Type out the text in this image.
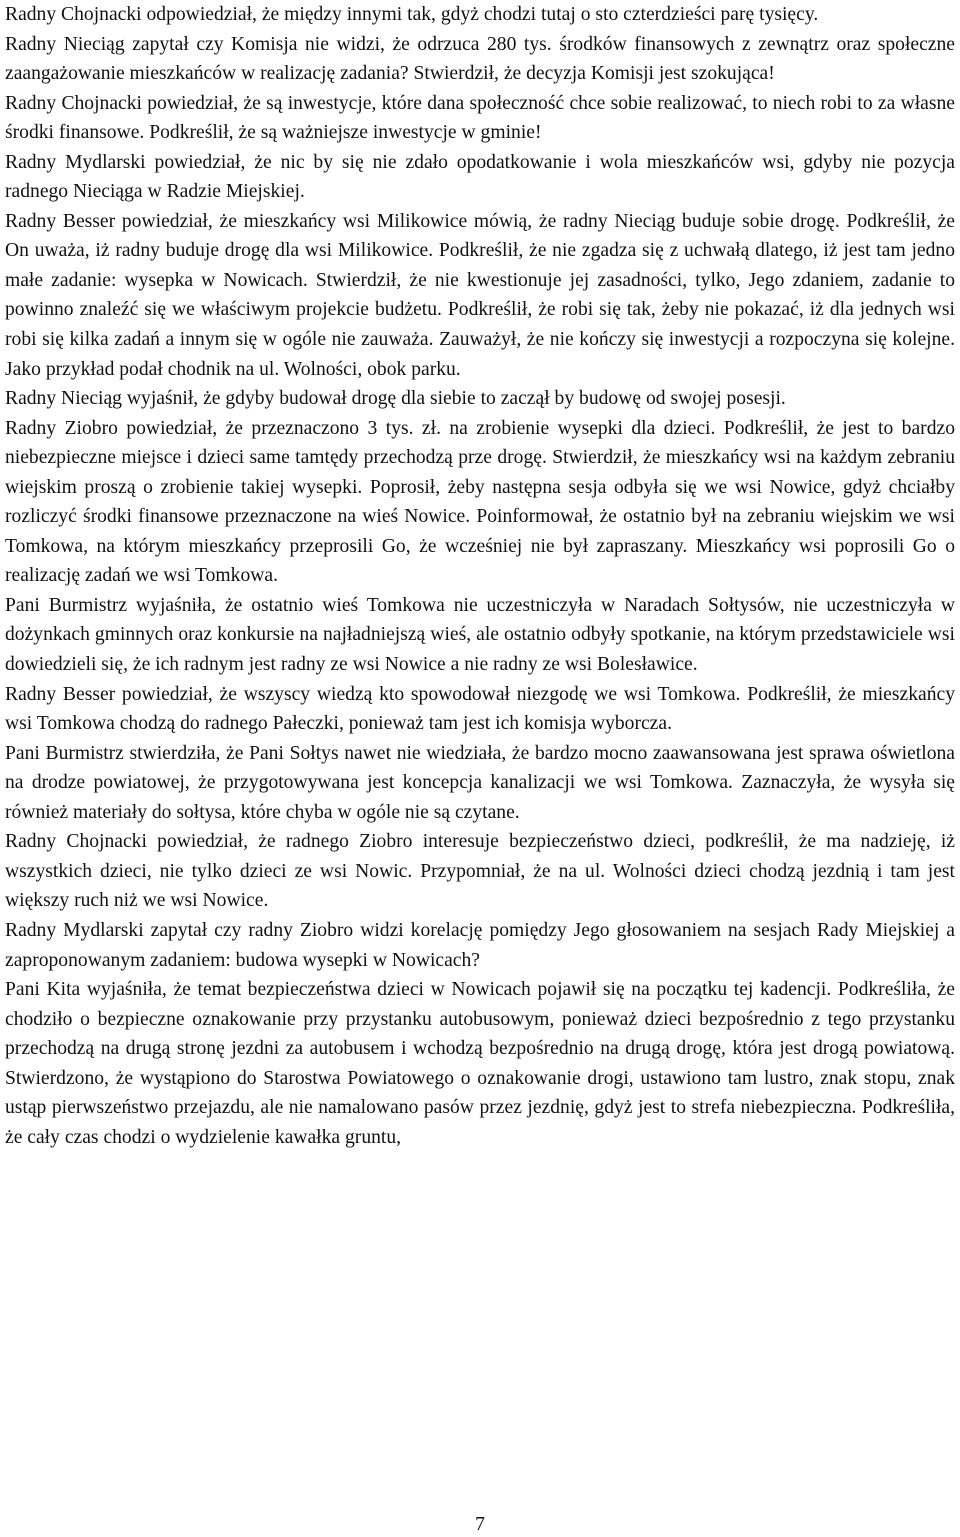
Radny Chojnacki odpowiedział, że między innymi tak, gdyż chodzi tutaj o sto czterdzieści parę tysięcy.

Radny Nieciąg zapytał czy Komisja nie widzi, że odrzuca 280 tys. środków finansowych z zewnątrz oraz społeczne zaangażowanie mieszkańców w realizację zadania? Stwierdził, że decyzja Komisji jest szokująca!

Radny Chojnacki powiedział, że są inwestycje, które dana społeczność chce sobie realizować, to niech robi to za własne środki finansowe. Podkreślił, że są ważniejsze inwestycje w gminie!

Radny Mydlarski powiedział, że nic by się nie zdało opodatkowanie i wola mieszkańców wsi, gdyby nie pozycja radnego Nieciąga w Radzie Miejskiej.

Radny Besser powiedział, że mieszkańcy wsi Milikowice mówią, że radny Nieciąg buduje sobie drogę. Podkreślił, że On uważa, iż radny buduje drogę dla wsi Milikowice. Podkreślił, że nie zgadza się z uchwałą dlatego, iż jest tam jedno małe zadanie: wysepka w Nowicach. Stwierdził, że nie kwestionuje jej zasadności, tylko, Jego zdaniem, zadanie to powinno znaleźć się we właściwym projekcie budżetu. Podkreślił, że robi się tak, żeby nie pokazać, iż dla jednych wsi robi się kilka zadań a innym się w ogóle nie zauważa. Zauważył, że nie kończy się inwestycji a rozpoczyna się kolejne. Jako przykład podał chodnik na ul. Wolności, obok parku.

Radny Nieciąg wyjaśnił, że gdyby budował drogę dla siebie to zaczął by budowę od swojej posesji.

Radny Ziobro powiedział, że przeznaczono 3 tys. zł. na zrobienie wysepki dla dzieci. Podkreślił, że jest to bardzo niebezpieczne miejsce i dzieci same tamtędy przechodzą prze drogę. Stwierdził, że mieszkańcy wsi na każdym zebraniu wiejskim proszą o zrobienie takiej wysepki. Poprosił, żeby następna sesja odbyła się we wsi Nowice, gdyż chciałby rozliczyć środki finansowe przeznaczone na wieś Nowice. Poinformował, że ostatnio był na zebraniu wiejskim we wsi Tomkowa, na którym mieszkańcy przeprosili Go, że wcześniej nie był zapraszany. Mieszkańcy wsi poprosili Go o realizację zadań we wsi Tomkowa.

Pani Burmistrz wyjaśniła, że ostatnio wieś Tomkowa nie uczestniczyła w Naradach Sołtysów, nie uczestniczyła w dożynkach gminnych oraz konkursie na najładniejszą wieś, ale ostatnio odbyły spotkanie, na którym przedstawiciele wsi dowiedzieli się, że ich radnym jest radny ze wsi Nowice a nie radny ze wsi Bolesławice.

Radny Besser powiedział, że wszyscy wiedzą kto spowodował niezgodę we wsi Tomkowa. Podkreślił, że mieszkańcy wsi Tomkowa chodzą do radnego Pałeczki, ponieważ tam jest ich komisja wyborcza.

Pani Burmistrz stwierdziła, że Pani Sołtys nawet nie wiedziała, że bardzo mocno zaawansowana jest sprawa oświetlona na drodze powiatowej, że przygotowywana jest koncepcja kanalizacji we wsi Tomkowa. Zaznaczyła, że wysyła się również materiały do sołtysa, które chyba w ogóle nie są czytane.

Radny Chojnacki powiedział, że radnego Ziobro interesuje bezpieczeństwo dzieci, podkreślił, że ma nadzieję, iż wszystkich dzieci, nie tylko dzieci ze wsi Nowic. Przypomniał, że na ul. Wolności dzieci chodzą jezdnią i tam jest większy ruch niż we wsi Nowice.

Radny Mydlarski zapytał czy radny Ziobro widzi korelację pomiędzy Jego głosowaniem na sesjach Rady Miejskiej a zaproponowanym zadaniem: budowa wysepki w Nowicach?

Pani Kita wyjaśniła, że temat bezpieczeństwa dzieci w Nowicach pojawił się na początku tej kadencji. Podkreśliła, że chodziło o bezpieczne oznakowanie przy przystanku autobusowym, ponieważ dzieci bezpośrednio z tego przystanku przechodzą na drugą stronę jezdni za autobusem i wchodzą bezpośrednio na drugą drogę, która jest drogą powiatową. Stwierdzono, że wystąpiono do Starostwa Powiatowego o oznakowanie drogi, ustawiono tam lustro, znak stopu, znak ustąp pierwszeństwo przejazdu, ale nie namalowano pasów przez jezdnię, gdyż jest to strefa niebezpieczna. Podkreśliła, że cały czas chodzi o wydzielenie kawałka gruntu,

7
